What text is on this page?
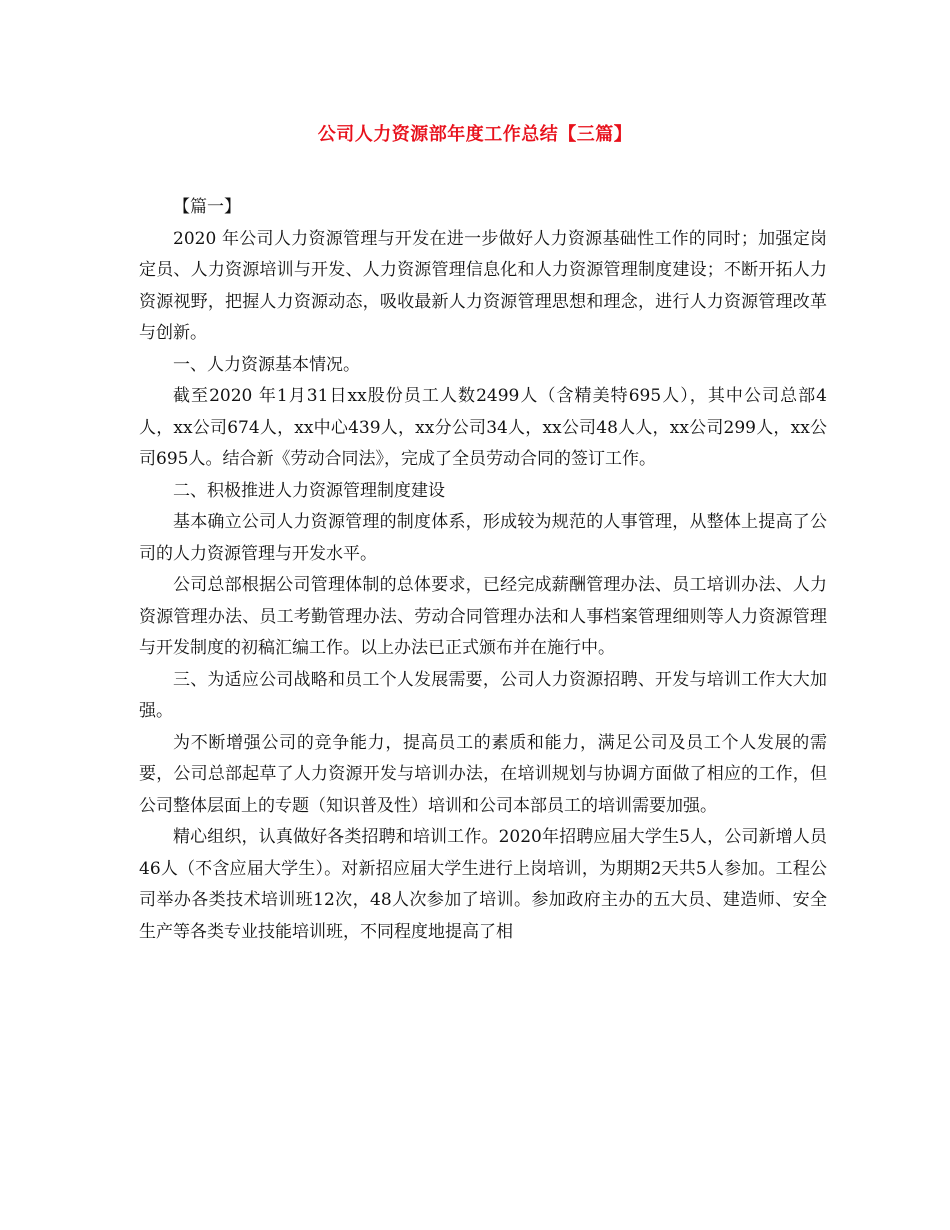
公司人力资源部年度工作总结【三篇】

【篇一】

2020 年公司人力资源管理与开发在进一步做好人力资源基础性工作的同时；加强定岗定员、人力资源培训与开发、人力资源管理信息化和人力资源管理制度建设；不断开拓人力资源视野，把握人力资源动态，吸收最新人力资源管理思想和理念，进行人力资源管理改革与创新。

一、人力资源基本情况。

截至2020 年1月31日xx股份员工人数2499人（含精美特695人），其中公司总部4人，xx公司674人，xx中心439人，xx分公司34人，xx公司48人人，xx公司299人，xx公司695人。结合新《劳动合同法》，完成了全员劳动合同的签订工作。

二、积极推进人力资源管理制度建设

基本确立公司人力资源管理的制度体系，形成较为规范的人事管理，从整体上提高了公司的人力资源管理与开发水平。

公司总部根据公司管理体制的总体要求，已经完成薪酬管理办法、员工培训办法、人力资源管理办法、员工考勤管理办法、劳动合同管理办法和人事档案管理细则等人力资源管理与开发制度的初稿汇编工作。以上办法已正式颁布并在施行中。

三、为适应公司战略和员工个人发展需要，公司人力资源招聘、开发与培训工作大大加强。

为不断增强公司的竞争能力，提高员工的素质和能力，满足公司及员工个人发展的需要，公司总部起草了人力资源开发与培训办法，在培训规划与协调方面做了相应的工作，但公司整体层面上的专题（知识普及性）培训和公司本部员工的培训需要加强。

精心组织，认真做好各类招聘和培训工作。2020年招聘应届大学生5人，公司新增人员46人（不含应届大学生）。对新招应届大学生进行上岗培训，为期期2天共5人参加。工程公司举办各类技术培训班12次，48人次参加了培训。参加政府主办的五大员、建造师、安全生产等各类专业技能培训班，不同程度地提高了相
